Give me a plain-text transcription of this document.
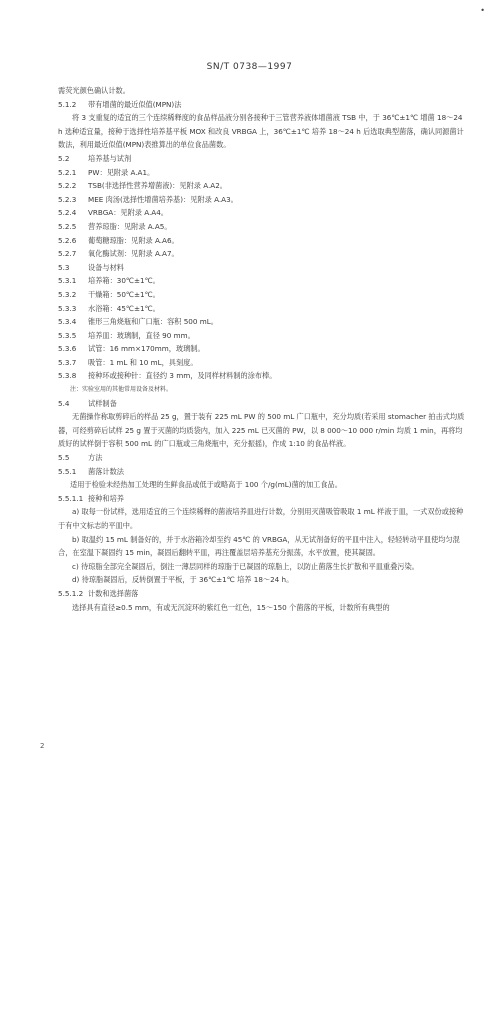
•
SN/T 0738—1997
需荧光颜色确认计数。
5.1.2 带有增菌的最近似值(MPN)法
将 3 支重复的适宜的三个连续稀释度的食品样品液分别各接种于三管营养液体增菌液 TSB 中，于 36℃±1℃ 增菌 18～24 h 选种适宜量，接种于选择性培养基平板 MOX 和改良 VRBGA 上，36℃±1℃ 培养 18～24 h 后选取典型菌落，确认同源菌计数法，利用最近似值(MPN)表推算出的单位食品菌数。
5.2	培养基与试剂
5.2.1 PW：见附录 A.A1。
5.2.2 TSB(非选择性营养增菌液)：见附录 A.A2。
5.2.3 MEE 肉汤(选择性增菌培养基)：见附录 A.A3。
5.2.4 VRBGA：见附录 A.A4。
5.2.5 营养琼脂：见附录 A.A5。
5.2.6 葡萄糖琼脂：见附录 A.A6。
5.2.7 氧化酶试剂：见附录 A.A7。
5.3	设备与材料
5.3.1 培养箱：30℃±1℃。
5.3.2 干燥箱：50℃±1℃。
5.3.3 水浴箱：45℃±1℃。
5.3.4 锥形三角烧瓶和广口瓶：容积 500 mL。
5.3.5 培养皿：玻璃制，直径 90 mm。
5.3.6 试管：16 mm×170mm，玻璃制。
5.3.7 吸管：1 mL 和 10 mL，具刻度。
5.3.8 接种环或接种针：直径约 3 mm，及同样材料制的涂布棒。
注：实验室用的其他常用设备及材料。
5.4	试样制备
无菌操作称取剪碎后的样品 25 g，置于装有 225 mL PW 的 500 mL 广口瓶中，充分均质(若采用 stomacher 拍击式均质器，可经剪碎后试样 25 g 置于灭菌的均质袋内，加入 225 mL 已灭菌的 PW，以 8 000～10 000 r/min 均质 1 min，再将均质好的试样倒于容积 500 mL 的广口瓶或三角烧瓶中，充分振摇)，作成 1:10 的食品样液。
5.5	方法
5.5.1 菌落计数法
适用于检验未经热加工处理的生鲜食品或低于或略高于 100 个/g(mL)菌的加工食品。
5.5.1.1 接种和培养
a) 取每一份试样，选用适宜的三个连续稀释的菌液培养皿进行计数，分别用灭菌吸管吸取 1 mL 样液于皿，一式双份或接种于有中文标志的平皿中。
b) 取温约 15 mL 制备好的，并于水浴箱冷却至约 45℃ 的 VRBGA，从无试剂备好的平皿中注入，轻轻转动平皿使均匀混合，在室温下凝固约 15 min，凝固后翻转平皿，再注覆盖层培养基充分振荡，水平放置，使其凝固。
c) 待琼脂全部完全凝固后，倒注一薄层同样的琼脂于已凝固的琼脂上，以防止菌落生长扩散和平皿重叠污染。
d) 待琼脂凝固后，反转倒置于平板，于 36℃±1℃ 培养 18～24 h。
5.5.1.2 计数和选择菌落
选择具有直径≥0.5 mm，有或无沉淀环的紫红色一红色，15～150 个菌落的平板，计数所有典型的
2
